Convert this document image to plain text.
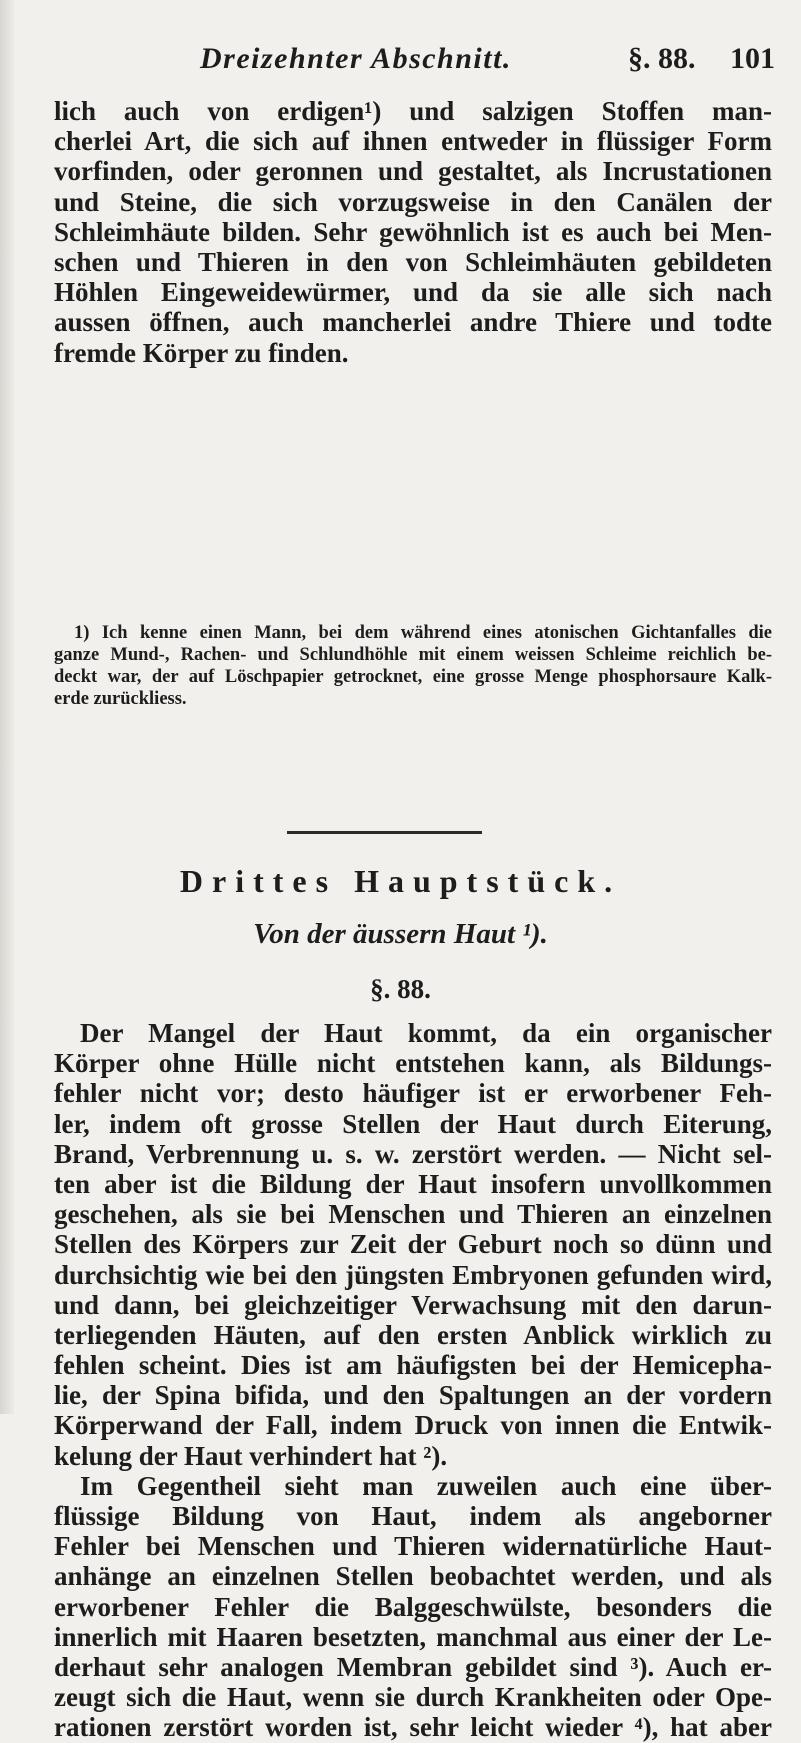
Dreizehnter Abschnitt.	§. 88. 101
lich auch von erdigen¹) und salzigen Stoffen man-
cherlei Art, die sich auf ihnen entweder in flüssiger Form
vorfinden, oder geronnen und gestaltet, als Incrustationen
und Steine, die sich vorzugsweise in den Canälen der
Schleimhäute bilden. Sehr gewöhnlich ist es auch bei Men-
schen und Thieren in den von Schleimhäuten gebildeten
Höhlen Eingeweidewürmer, und da sie alle sich nach
aussen öffnen, auch mancherlei andre Thiere und todte
fremde Körper zu finden.
1) Ich kenne einen Mann, bei dem während eines atonischen Gichtanfalles die
ganze Mund-, Rachen- und Schlundhöhle mit einem weissen Schleime reichlich be-
deckt war, der auf Löschpapier getrocknet, eine grosse Menge phosphorsaure Kalk-
erde zurückliess.
Drittes Hauptstück.
Von der äussern Haut ¹).
§. 88.
Der Mangel der Haut kommt, da ein organischer
Körper ohne Hülle nicht entstehen kann, als Bildungs-
fehler nicht vor; desto häufiger ist er erworbener Feh-
ler, indem oft grosse Stellen der Haut durch Eiterung,
Brand, Verbrennung u. s. w. zerstört werden. — Nicht sel-
ten aber ist die Bildung der Haut insofern unvollkommen
geschehen, als sie bei Menschen und Thieren an einzelnen
Stellen des Körpers zur Zeit der Geburt noch so dünn und
durchsichtig wie bei den jüngsten Embryonen gefunden wird,
und dann, bei gleichzeitiger Verwachsung mit den darun-
terliegenden Häuten, auf den ersten Anblick wirklich zu
fehlen scheint. Dies ist am häufigsten bei der Hemicepha-
lie, der Spina bifida, und den Spaltungen an der vordern
Körperwand der Fall, indem Druck von innen die Entwik-
kelung der Haut verhindert hat ²).
Im Gegentheil sieht man zuweilen auch eine über-
flüssige Bildung von Haut, indem als angeborner
Fehler bei Menschen und Thieren widernatürliche Haut-
anhänge an einzelnen Stellen beobachtet werden, und als
erworbener Fehler die Balggeschwülste, besonders die
innerlich mit Haaren besetzten, manchmal aus einer der Le-
derhaut sehr analogen Membran gebildet sind ³). Auch er-
zeugt sich die Haut, wenn sie durch Krankheiten oder Ope-
rationen zerstört worden ist, sehr leicht wieder ⁴), hat aber
